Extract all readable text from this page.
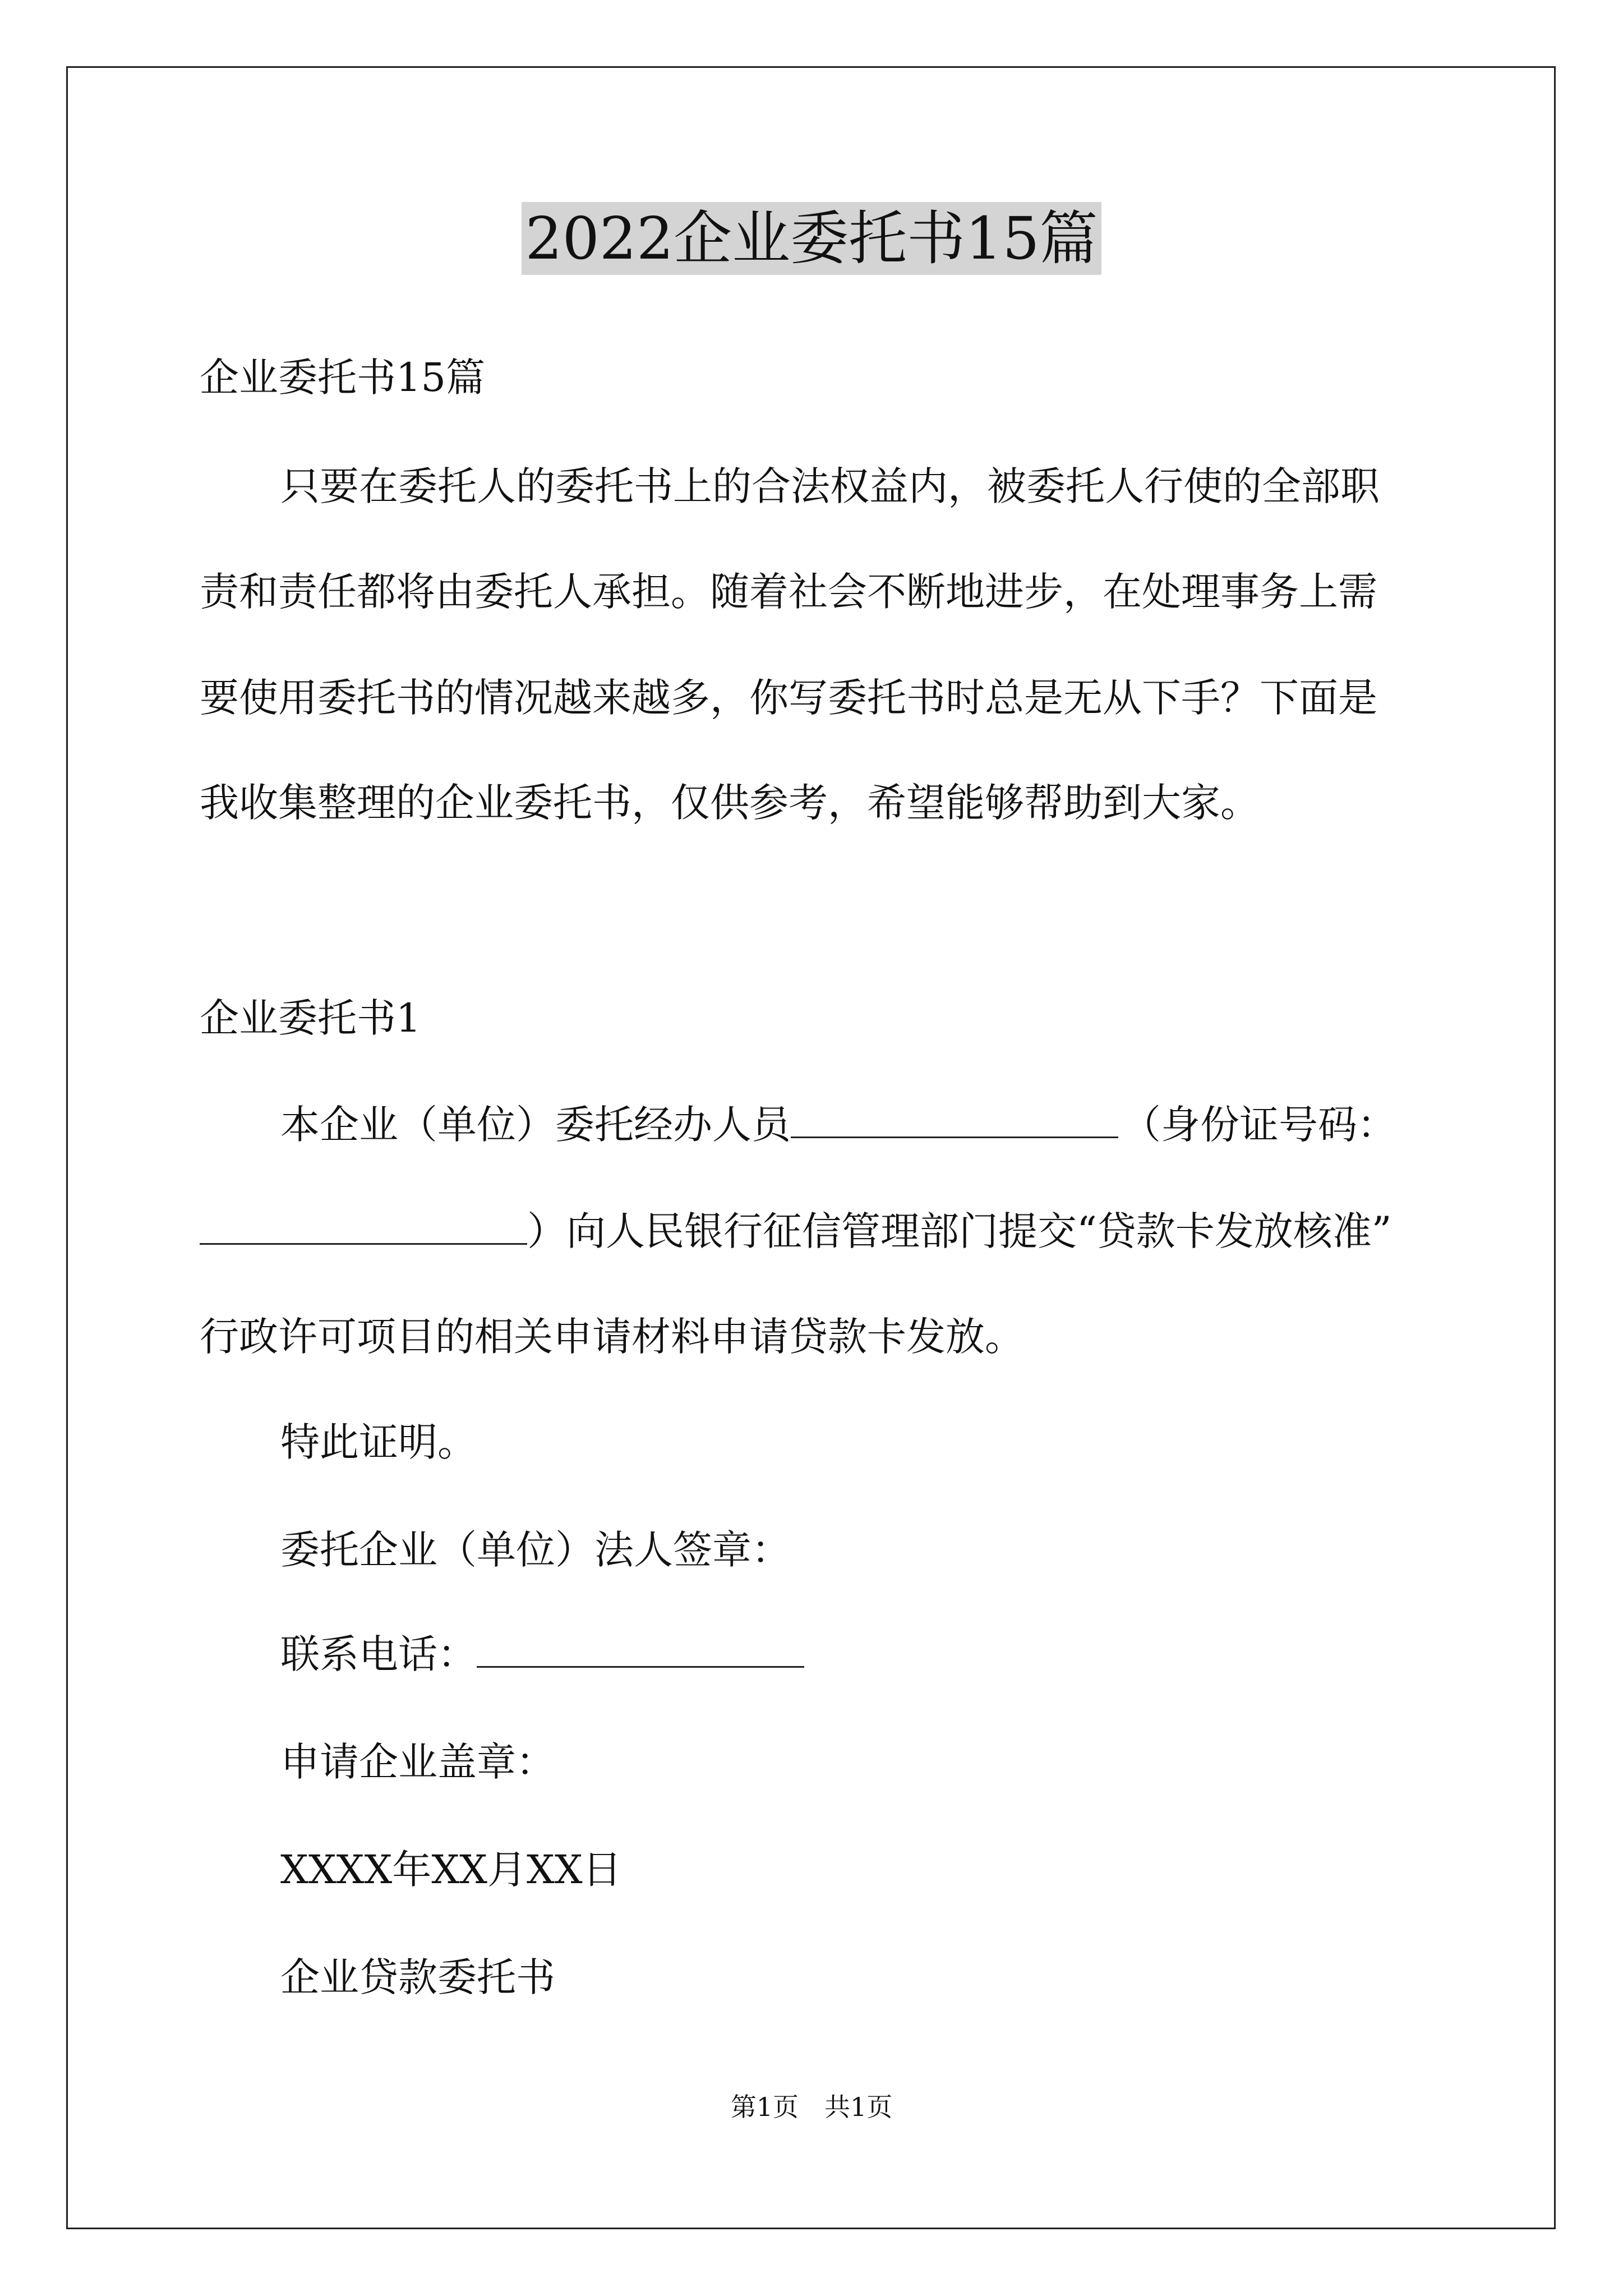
2022企业委托书15篇
企业委托书15篇
只要在委托人的委托书上的合法权益内，被委托人行使的全部职
责和责任都将由委托人承担。随着社会不断地进步，在处理事务上需
要使用委托书的情况越来越多，你写委托书时总是无从下手？下面是
我收集整理的企业委托书，仅供参考，希望能够帮助到大家。
企业委托书1
本企业（单位）委托经办人员	（身份证号码：
）向人民银行征信管理部门提交“贷款卡发放核准”
行政许可项目的相关申请材料申请贷款卡发放。
特此证明。
委托企业（单位）法人签章：
联系电话：
申请企业盖章：
XXXX年XX月XX日
企业贷款委托书
第1页　共1页
